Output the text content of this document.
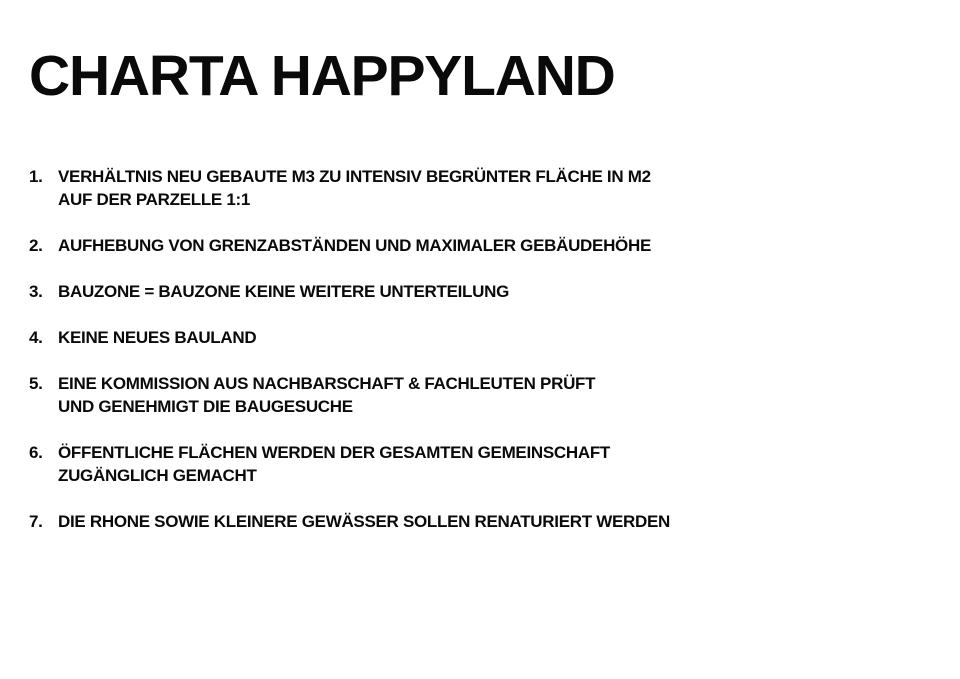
CHARTA HAPPYLAND
1. VERHÄLTNIS NEU GEBAUTE M3 ZU INTENSIV BEGRÜNTER FLÄCHE IN M2
AUF DER PARZELLE 1:1
2. AUFHEBUNG VON GRENZABSTÄNDEN UND MAXIMALER GEBÄUDEHÖHE
3. BAUZONE = BAUZONE KEINE WEITERE UNTERTEILUNG
4. KEINE NEUES BAULAND
5. EINE KOMMISSION AUS NACHBARSCHAFT & FACHLEUTEN PRÜFT
UND GENEHMIGT DIE BAUGESUCHE
6. ÖFFENTLICHE FLÄCHEN WERDEN DER GESAMTEN GEMEINSCHAFT
ZUGÄNGLICH GEMACHT
7. DIE RHONE SOWIE KLEINERE GEWÄSSER SOLLEN RENATURIERT WERDEN
